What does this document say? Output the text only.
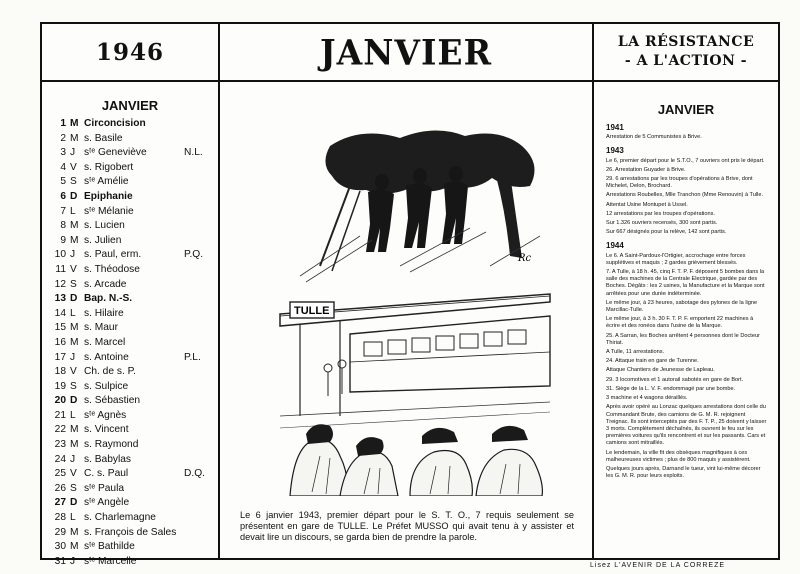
1946
JANVIER
1 M Circoncision
2 M s. Basile
3 J sᵗᵉ Geneviève	N.L.
4 V s. Rigobert
5 S sᵗᵉ Amélie
6 D Epiphanie
7 L sᵗᵉ Mélanie
8 M s. Lucien
9 M s. Julien
10 J s. Paul, erm.	P.Q.
11 V s. Théodose
12 S s. Arcade
13 D Bap. N.-S.
14 L s. Hilaire
15 M s. Maur
16 M s. Marcel
17 J s. Antoine	P.L.
18 V Ch. de s. P.
19 S s. Sulpice
20 D s. Sébastien
21 L sᵗᵉ Agnès
22 M s. Vincent
23 M s. Raymond
24 J s. Babylas
25 V C. s. Paul	D.Q.
26 S sᵗᵉ Paula
27 D sᵗᵉ Angèle
28 L s. Charlemagne
29 M s. François de Sales
30 M sᵗᵉ Bathilde
31 J sᵗᵉ Marcelle
JANVIER
Rc
TULLE
Le 6 janvier 1943, premier départ pour le S. T. O., 7 requis seulement se présentent en gare de TULLE. Le Préfet MUSSO qui avait tenu à y assister et devait lire un discours, se garda bien de prendre la parole.
LA RÉSISTANCE
- A L'ACTION -
JANVIER
1941
Arrestation de 5 Communistes à Brive.
1943
Le 6, premier départ pour le S.T.O., 7 ouvriers ont pris le départ.
26. Arrestation Guyader à Brive.
29. 6 arrestations par les troupes d'opérations à Brive, dont Michelet, Delon, Brochard.
Arrestations Roubelles, Mlle Tranchon (Mme Renouvin) à Tulle.
Attentat Usine Montupet à Ussel.
12 arrestations par les troupes d'opérations.
Sur 1.326 ouvriers recensés, 300 sont partis.
Sur 667 désignés pour la relève, 142 sont partis.
1944
Le 6. A Saint-Pardoux-l'Ortigier, accrochage entre forces supplétives et maquis ; 2 gardes grièvement blessés.
7. A Tulle, à 18 h. 45, cinq F. T. P. F. déposent 5 bombes dans la salle des machines de la Centrale Electrique, gardée par des Boches. Dégâts : les 2 usines, la Manufacture et la Marque sont arrêtées pour une durée indéterminée.
Le même jour, à 23 heures, sabotage des pylones de la ligne Marcillac-Tulle.
Le même jour, à 3 h. 30 F. T. P. F. emportent 22 machines à écrire et des ronéos dans l'usine de la Marque.
25. A Sarran, les Boches arrêtent 4 personnes dont le Docteur Thiriat.
A Tulle, 11 arrestations.
24. Attaque train en gare de Turenne.
Attaque Chantiers de Jeunesse de Lapleau.
29. 3 locomotives et 1 autorail sabotés en gare de Bort.
31. Siège de la L. V. F. endommagé par une bombe.
3 machine et 4 wagons déraillés.
Après avoir opéré au Lonzac quelques arrestations dont celle du Commandant Brute, des camions de G. M. R. rejoignent Treignac. Ils sont interceptés par des F. T. P., 25 doivent y laisser 3 morts. Complètement déchaînés, ils ouvrent le feu sur les premières voitures qu'ils rencontrent et sur les passants. Cars et camions sont mitraillés.
Le lendemain, la ville fit des obsèques magnifiques à ces malheureuses victimes ; plus de 800 maquis y assistèrent.
Quelques jours après, Darnand le tueur, vint lui-même décorer les G. M. R. pour leurs exploits.
Lisez L'AVENIR DE LA CORREZE
